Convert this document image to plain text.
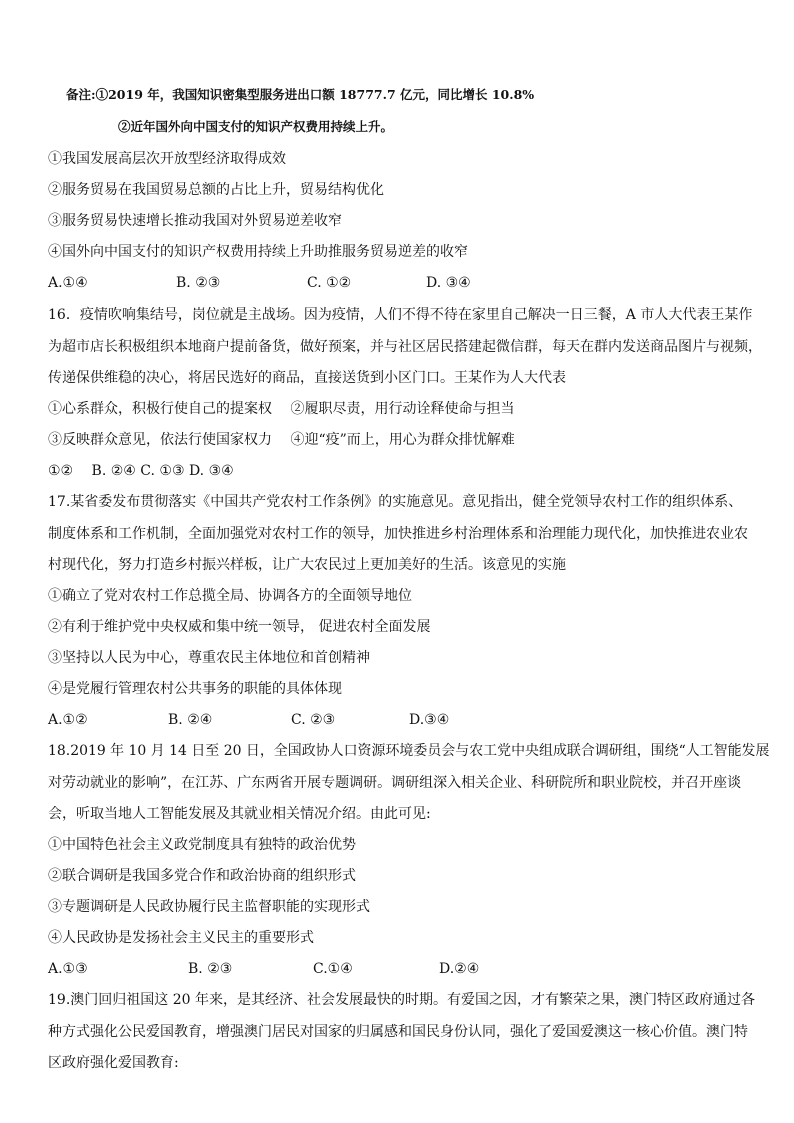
备注:①2019 年，我国知识密集型服务进出口额 18777.7 亿元，同比增长 10.8%
②近年国外向中国支付的知识产权费用持续上升。
①我国发展高层次开放型经济取得成效
②服务贸易在我国贸易总额的占比上升，贸易结构优化
③服务贸易快速增长推动我国对外贸易逆差收窄
④国外向中国支付的知识产权费用持续上升助推服务贸易逆差的收窄
A.①④	B. ②③	C. ①②	D. ③④
16．疫情吹响集结号，岗位就是主战场。因为疫情，人们不得不待在家里自己解决一日三餐，A 市人大代表王某作
为超市店长积极组织本地商户提前备货，做好预案，并与社区居民搭建起微信群，每天在群内发送商品图片与视频，
传递保供维稳的决心，将居民选好的商品，直接送货到小区门口。王某作为人大代表
①心系群众，积极行使自己的提案权　 ②履职尽责，用行动诠释使命与担当
③反映群众意见，依法行使国家权力　 ④迎“疫”而上，用心为群众排忧解难
①②　 B. ②④ C. ①③ D. ③④
17.某省委发布贯彻落实《中国共产党农村工作条例》的实施意见。意见指出，健全党领导农村工作的组织体系、
制度体系和工作机制，全面加强党对农村工作的领导，加快推进乡村治理体系和治理能力现代化，加快推进农业农
村现代化，努力打造乡村振兴样板，让广大农民过上更加美好的生活。该意见的实施
①确立了党对农村工作总揽全局、协调各方的全面领导地位
②有利于维护党中央权威和集中统一领导， 促进农村全面发展
③坚持以人民为中心，尊重农民主体地位和首创精神
④是党履行管理农村公共事务的职能的具体体现
A.①②	B. ②④	C. ②③	D.③④
18.2019 年 10 月 14 日至 20 日，全国政协人口资源环境委员会与农工党中央组成联合调研组，围绕“人工智能发展
对劳动就业的影响”，在江苏、广东两省开展专题调研。调研组深入相关企业、科研院所和职业院校，并召开座谈
会，听取当地人工智能发展及其就业相关情况介绍。由此可见:
①中国特色社会主义政党制度具有独特的政治优势
②联合调研是我国多党合作和政治协商的组织形式
③专题调研是人民政协履行民主监督职能的实现形式
④人民政协是发扬社会主义民主的重要形式
A.①③	B. ②③	C.①④	D.②④
19.澳门回归祖国这 20 年来，是其经济、社会发展最快的时期。有爱国之因，才有繁荣之果，澳门特区政府通过各
种方式强化公民爱国教育，增强澳门居民对国家的归属感和国民身份认同，强化了爱国爱澳这一核心价值。澳门特
区政府强化爱国教育:
